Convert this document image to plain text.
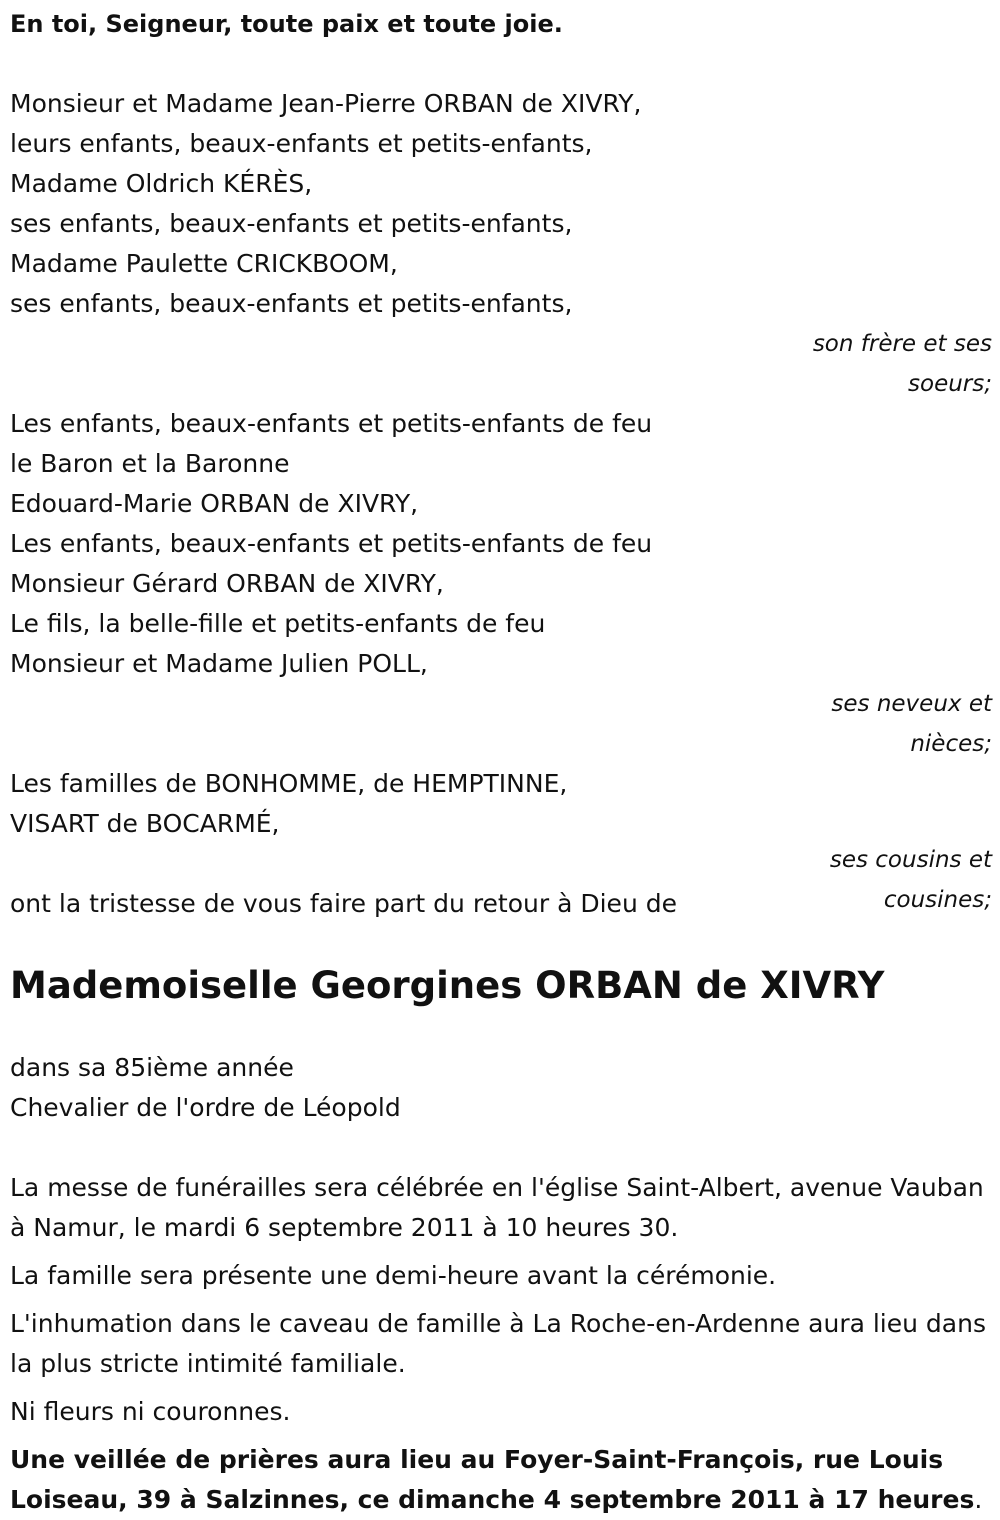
En toi, Seigneur, toute paix et toute joie.
Monsieur et Madame Jean-Pierre ORBAN de XIVRY,
leurs enfants, beaux-enfants et petits-enfants,
Madame Oldrich KÉRÈS,
ses enfants, beaux-enfants et petits-enfants,
Madame Paulette CRICKBOOM,
ses enfants, beaux-enfants et petits-enfants,
son frère et ses soeurs;
Les enfants, beaux-enfants et petits-enfants de feu
le Baron et la Baronne
Edouard-Marie ORBAN de XIVRY,
Les enfants, beaux-enfants et petits-enfants de feu
Monsieur Gérard ORBAN de XIVRY,
Le fils, la belle-fille et petits-enfants de feu
Monsieur et Madame Julien POLL,
ses neveux et nièces;
Les familles de BONHOMME, de HEMPTINNE,
VISART de BOCARMÉ,
ses cousins et cousines;
ont la tristesse de vous faire part du retour à Dieu de
Mademoiselle Georgines ORBAN de XIVRY
dans sa 85ième année
Chevalier de l'ordre de Léopold
La messe de funérailles sera célébrée en l'église Saint-Albert, avenue Vauban à Namur, le mardi 6 septembre 2011 à 10 heures 30.
La famille sera présente une demi-heure avant la cérémonie.
L'inhumation dans le caveau de famille à La Roche-en-Ardenne aura lieu dans la plus stricte intimité familiale.
Ni fleurs ni couronnes.
Une veillée de prières aura lieu au Foyer-Saint-François, rue Louis Loiseau, 39 à Salzinnes, ce dimanche 4 septembre 2011 à 17 heures.
